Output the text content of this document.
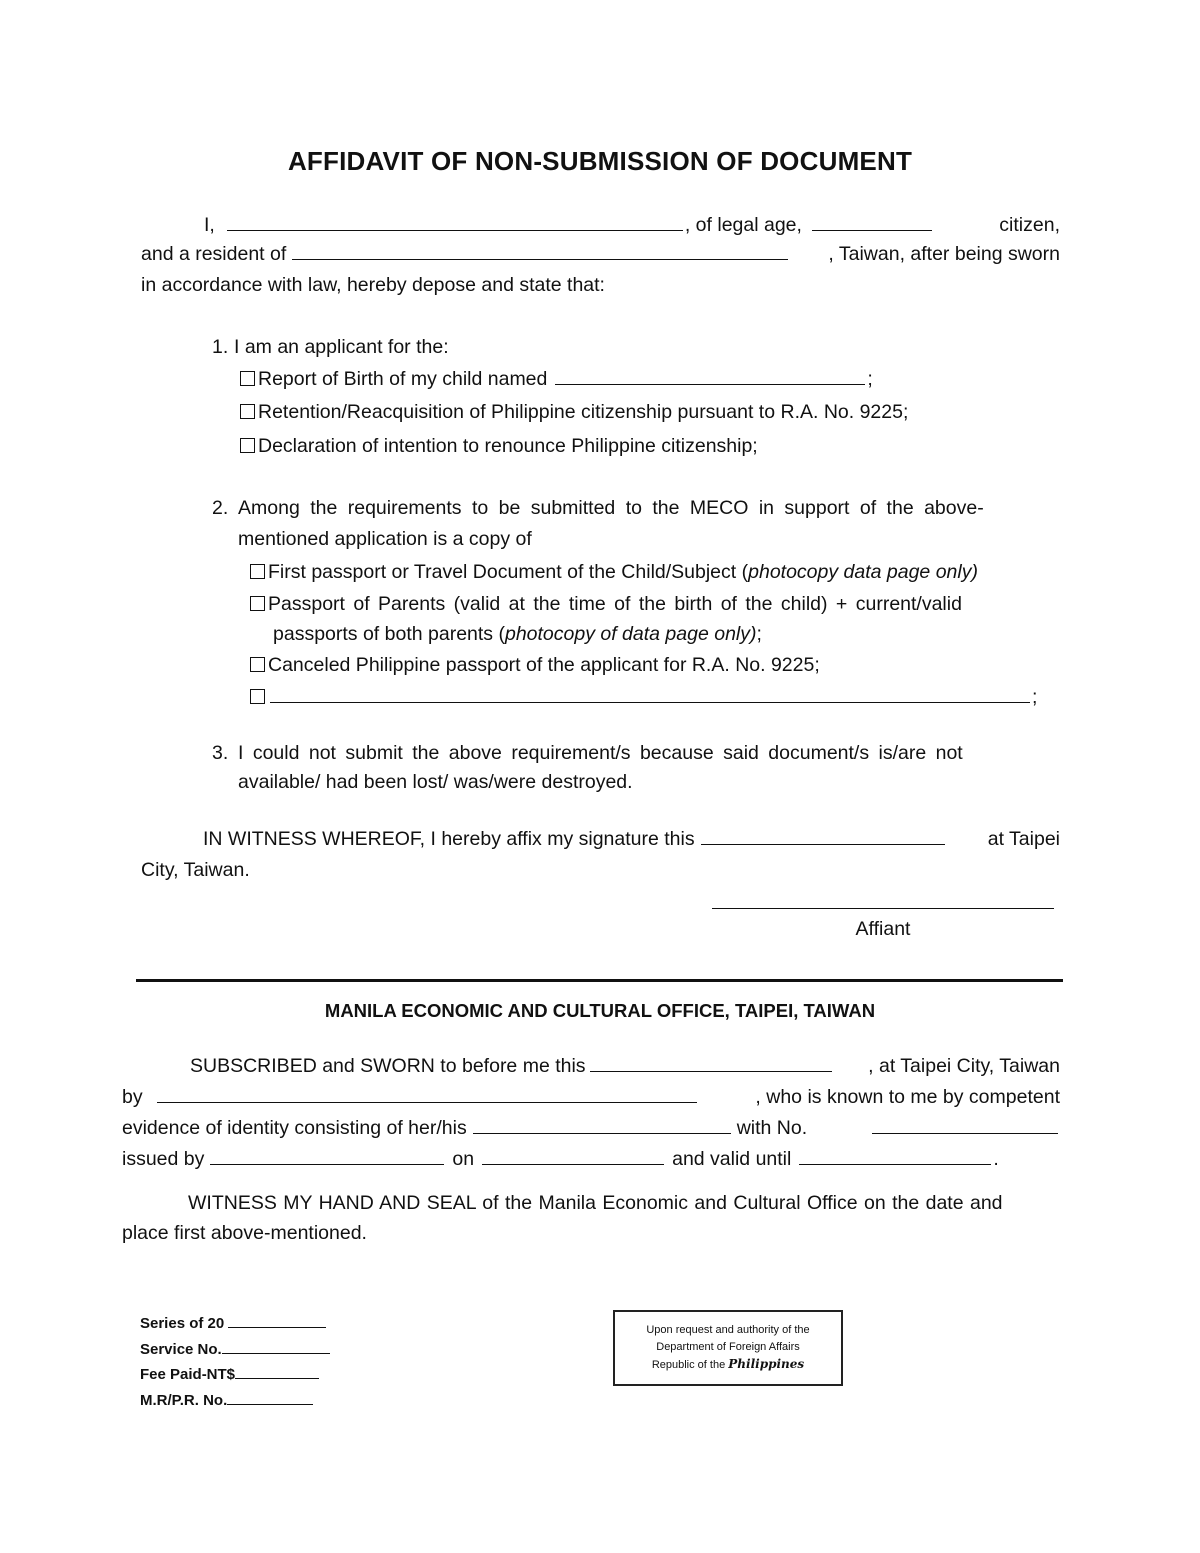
AFFIDAVIT OF NON-SUBMISSION OF DOCUMENT
I,	, of legal age,	citizen,
and a resident of	, Taiwan, after being sworn
in accordance with law, hereby depose and state that:
1. I am an applicant for the:
Report of Birth of my child named	;
Retention/Reacquisition of Philippine citizenship pursuant to R.A. No. 9225;
Declaration of intention to renounce Philippine citizenship;
2. Among the requirements to be submitted to the MECO in support of the above-
mentioned application is a copy of
First passport or Travel Document of the Child/Subject ( photocopy data page only)
Passport of Parents (valid at the time of the birth of the child) + current/valid
passports of both parents ( photocopy of data page only) ;
Canceled Philippine passport of the applicant for R.A. No. 9225;
;
3. I could not submit the above requirement/s because said document/s is/are not
available/ had been lost/ was/were destroyed.
IN WITNESS WHEREOF, I hereby affix my signature this	at Taipei
City, Taiwan.
Affiant
MANILA ECONOMIC AND CULTURAL OFFICE, TAIPEI, TAIWAN
SUBSCRIBED and SWORN to before me this	, at Taipei City, Taiwan
by	, who is known to me by competent
evidence of identity consisting of her/his	with No.
issued by	on	and valid until	.
WITNESS MY HAND AND SEAL of the Manila Economic and Cultural Office on the date and
place first above-mentioned.
Series of 20
Service No.
Fee Paid-NT$
M.R/P.R. No.
Upon request and authority of the
Department of Foreign Affairs
Republic of the Philippines
